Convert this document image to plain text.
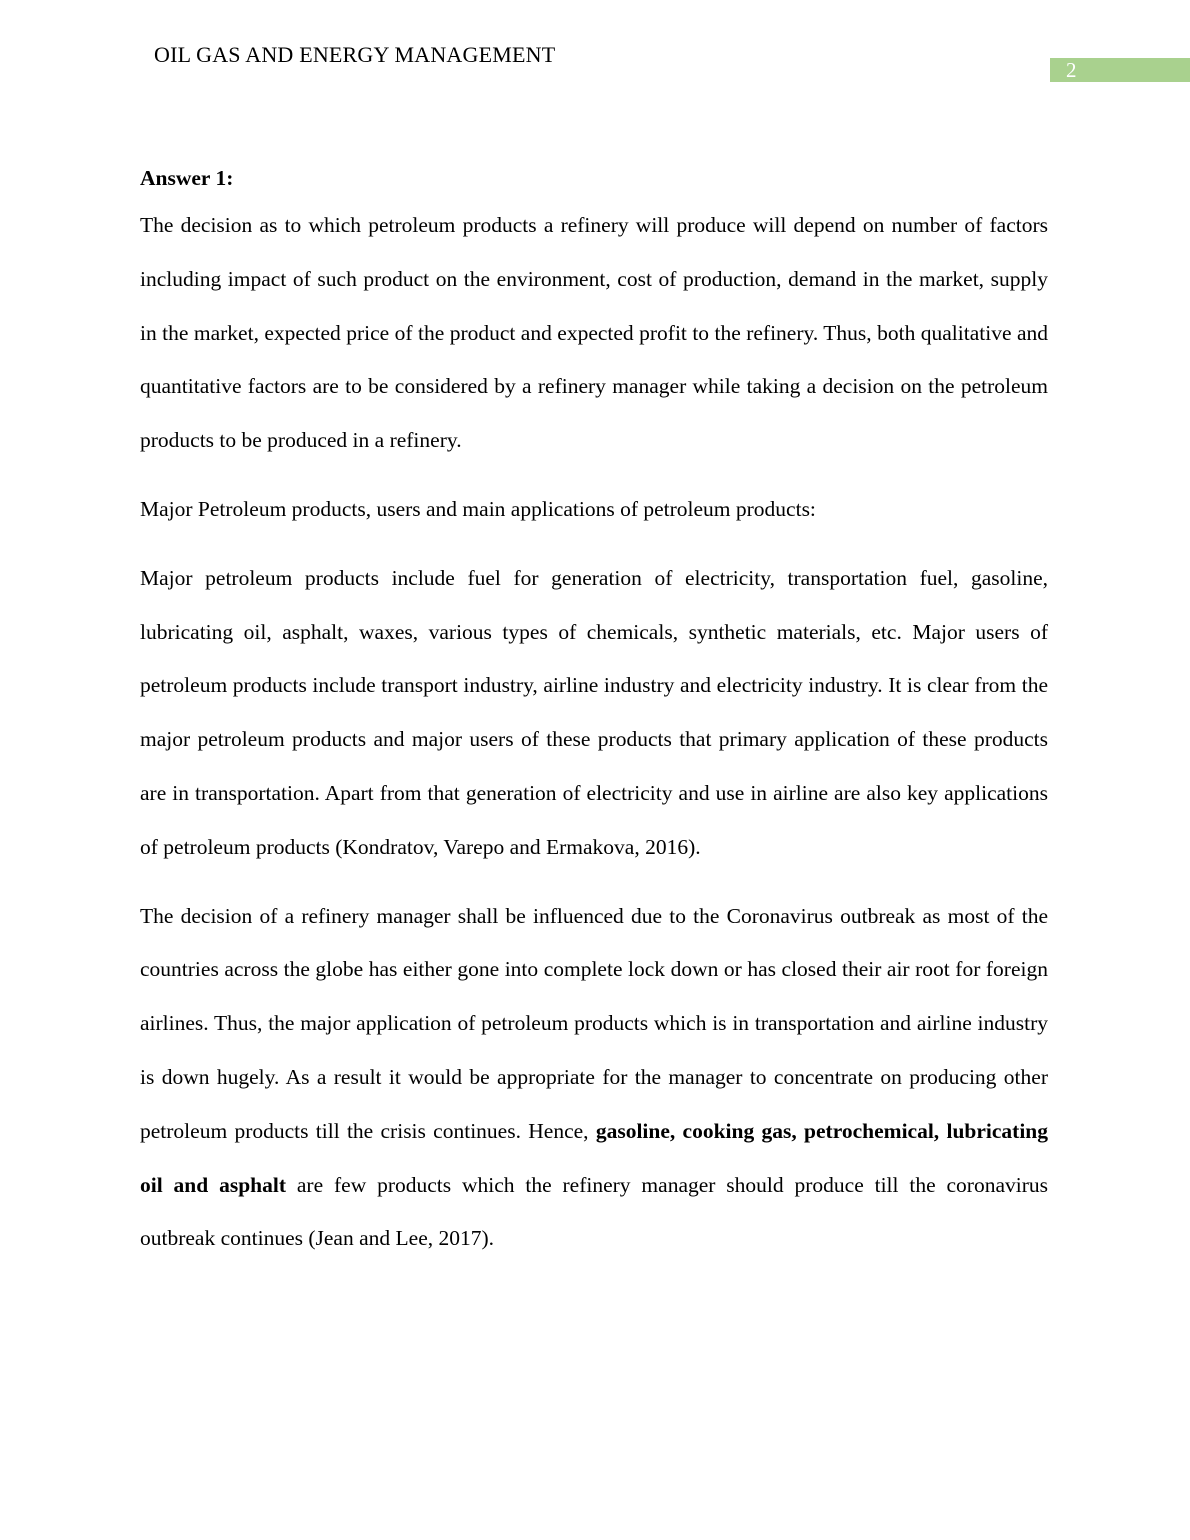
OIL GAS AND ENERGY MANAGEMENT
2
Answer 1:

The decision as to which petroleum products a refinery will produce will depend on number of factors including impact of such product on the environment, cost of production, demand in the market, supply in the market, expected price of the product and expected profit to the refinery. Thus, both qualitative and quantitative factors are to be considered by a refinery manager while taking a decision on the petroleum products to be produced in a refinery.

Major Petroleum products, users and main applications of petroleum products:

Major petroleum products include fuel for generation of electricity, transportation fuel, gasoline, lubricating oil, asphalt, waxes, various types of chemicals, synthetic materials, etc. Major users of petroleum products include transport industry, airline industry and electricity industry. It is clear from the major petroleum products and major users of these products that primary application of these products are in transportation. Apart from that generation of electricity and use in airline are also key applications of petroleum products (Kondratov, Varepo and Ermakova, 2016).

The decision of a refinery manager shall be influenced due to the Coronavirus outbreak as most of the countries across the globe has either gone into complete lock down or has closed their air root for foreign airlines. Thus, the major application of petroleum products which is in transportation and airline industry is down hugely. As a result it would be appropriate for the manager to concentrate on producing other petroleum products till the crisis continues. Hence, gasoline, cooking gas, petrochemical, lubricating oil and asphalt are few products which the refinery manager should produce till the coronavirus outbreak continues (Jean and Lee, 2017).
